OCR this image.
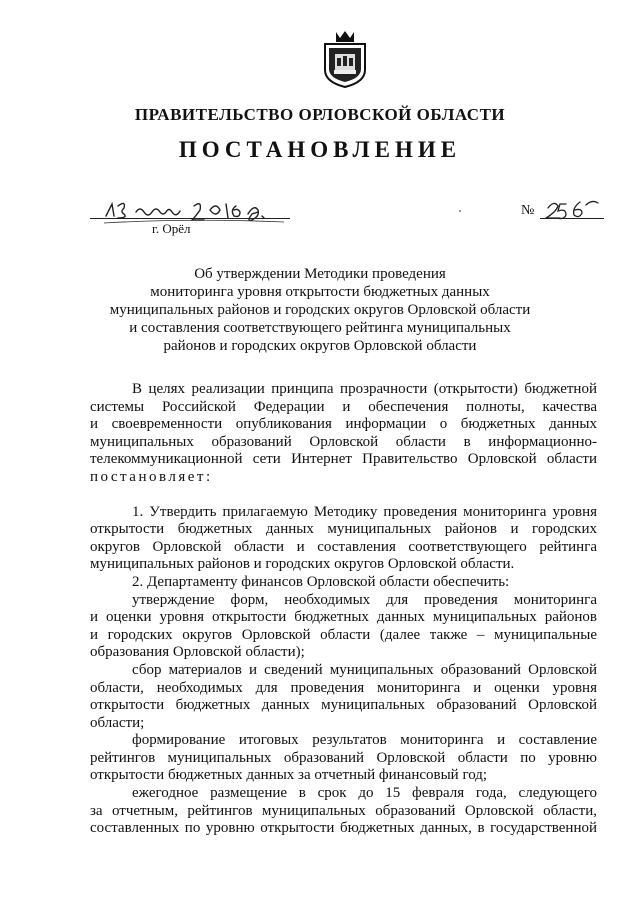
ПРАВИТЕЛЬСТВО ОРЛОВСКОЙ ОБЛАСТИ
ПОСТАНОВЛЕНИЕ
г. Орёл
№
Об утверждении Методики проведения
мониторинга уровня открытости бюджетных данных
муниципальных районов и городских округов Орловской области
и составления соответствующего рейтинга муниципальных
районов и городских округов Орловской области
В целях реализации принципа прозрачности (открытости) бюджетной
системы Российской Федерации и обеспечения полноты, качества
и своевременности опубликования информации о бюджетных данных
муниципальных образований Орловской области в информационно-
телекоммуникационной сети Интернет Правительство Орловской области
постановляет:
1. Утвердить прилагаемую Методику проведения мониторинга уровня
открытости бюджетных данных муниципальных районов и городских
округов Орловской области и составления соответствующего рейтинга
муниципальных районов и городских округов Орловской области.
2. Департаменту финансов Орловской области обеспечить:
утверждение форм, необходимых для проведения мониторинга
и оценки уровня открытости бюджетных данных муниципальных районов
и городских округов Орловской области (далее также – муниципальные
образования Орловской области);
сбор материалов и сведений муниципальных образований Орловской
области, необходимых для проведения мониторинга и оценки уровня
открытости бюджетных данных муниципальных образований Орловской
области;
формирование итоговых результатов мониторинга и составление
рейтингов муниципальных образований Орловской области по уровню
открытости бюджетных данных за отчетный финансовый год;
ежегодное размещение в срок до 15 февраля года, следующего
за отчетным, рейтингов муниципальных образований Орловской области,
составленных по уровню открытости бюджетных данных, в государственной
